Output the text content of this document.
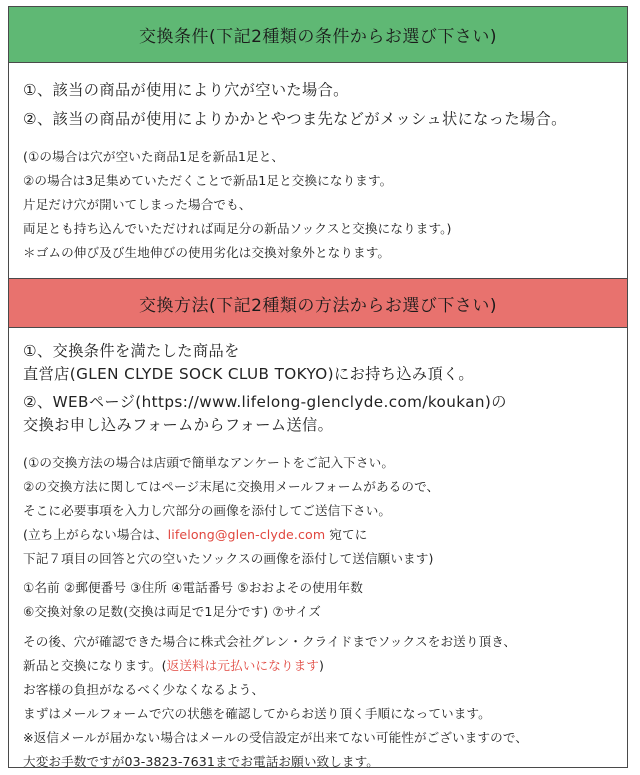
交換条件(下記2種類の条件からお選び下さい)
①、該当の商品が使用により穴が空いた場合。
②、該当の商品が使用によりかかとやつま先などがメッシュ状になった場合。
(①の場合は穴が空いた商品1足を新品1足と、
②の場合は3足集めていただくことで新品1足と交換になります。
片足だけ穴が開いてしまった場合でも、
両足とも持ち込んでいただければ両足分の新品ソックスと交換になります。)
＊ゴムの伸び及び生地伸びの使用劣化は交換対象外となります。
交換方法(下記2種類の方法からお選び下さい)
①、交換条件を満たした商品を
直営店(GLEN CLYDE SOCK CLUB TOKYO)にお持ち込み頂く。
②、WEBページ(https://www.lifelong-glenclyde.com/koukan)の
交換お申し込みフォームからフォーム送信。
(①の交換方法の場合は店頭で簡単なアンケートをご記入下さい。
②の交換方法に関してはページ末尾に交換用メールフォームがあるので、
そこに必要事項を入力し穴部分の画像を添付してご送信下さい。
(立ち上がらない場合は、lifelong@glen-clyde.com 宛てに
下記７項目の回答と穴の空いたソックスの画像を添付して送信願います)
①名前 ②郵便番号 ③住所 ④電話番号 ⑤おおよその使用年数
⑥交換対象の足数(交換は両足で1足分です) ⑦サイズ
その後、穴が確認できた場合に株式会社グレン・クライドまでソックスをお送り頂き、
新品と交換になります。(返送料は元払いになります)
お客様の負担がなるべく少なくなるよう、
まずはメールフォームで穴の状態を確認してからお送り頂く手順になっています。
※返信メールが届かない場合はメールの受信設定が出来てない可能性がございますので、
大変お手数ですが03-3823-7631までお電話お願い致します。
